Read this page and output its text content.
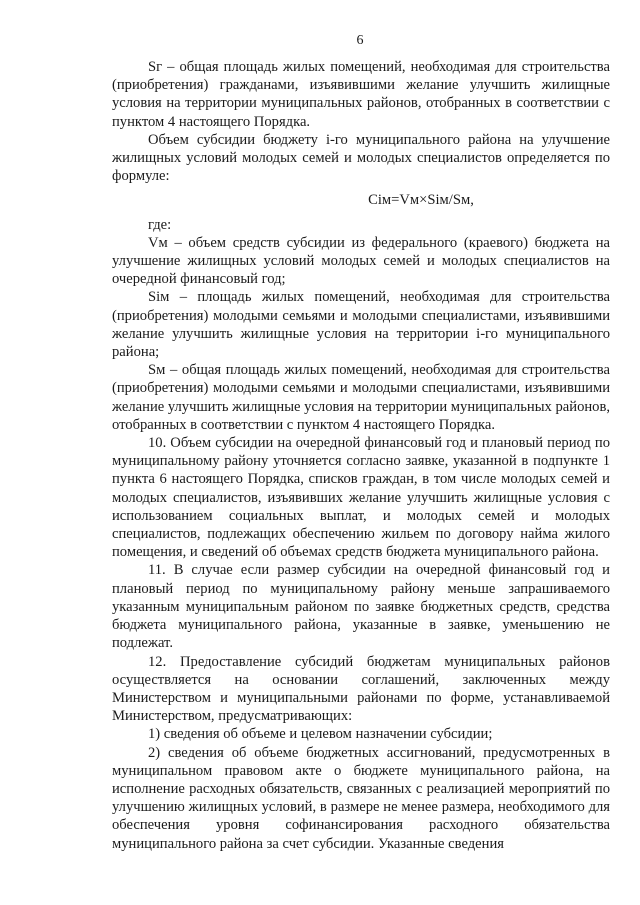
6

Sг – общая площадь жилых помещений, необходимая для строительства (приобретения) гражданами, изъявившими желание улучшить жилищные условия на территории муниципальных районов, отобранных в соответствии с пунктом 4 настоящего Порядка.

Объем субсидии бюджету i-го муниципального района на улучшение жилищных условий молодых семей и молодых специалистов определяется по формуле:

Ciм=Vм×Siм/Sм,

где:

Vм – объем средств субсидии из федерального (краевого) бюджета на улучшение жилищных условий молодых семей и молодых специалистов на очередной финансовый год;

Siм – площадь жилых помещений, необходимая для строительства (приобретения) молодыми семьями и молодыми специалистами, изъявившими желание улучшить жилищные условия на территории i-го муниципального района;

Sм – общая площадь жилых помещений, необходимая для строительства (приобретения) молодыми семьями и молодыми специалистами, изъявившими желание улучшить жилищные условия на территории муниципальных районов, отобранных в соответствии с пунктом 4 настоящего Порядка.

10. Объем субсидии на очередной финансовый год и плановый период по муниципальному району уточняется согласно заявке, указанной в подпункте 1 пункта 6 настоящего Порядка, списков граждан, в том числе молодых семей и молодых специалистов, изъявивших желание улучшить жилищные условия с использованием социальных выплат, и молодых семей и молодых специалистов, подлежащих обеспечению жильем по договору найма жилого помещения, и сведений об объемах средств бюджета муниципального района.

11. В случае если размер субсидии на очередной финансовый год и плановый период по муниципальному району меньше запрашиваемого указанным муниципальным районом по заявке бюджетных средств, средства бюджета муниципального района, указанные в заявке, уменьшению не подлежат.

12. Предоставление субсидий бюджетам муниципальных районов осуществляется на основании соглашений, заключенных между Министерством и муниципальными районами по форме, устанавливаемой Министерством, предусматривающих:

1) сведения об объеме и целевом назначении субсидии;

2) сведения об объеме бюджетных ассигнований, предусмотренных в муниципальном правовом акте о бюджете муниципального района, на исполнение расходных обязательств, связанных с реализацией мероприятий по улучшению жилищных условий, в размере не менее размера, необходимого для обеспечения уровня софинансирования расходного обязательства муниципального района за счет субсидии. Указанные сведения
